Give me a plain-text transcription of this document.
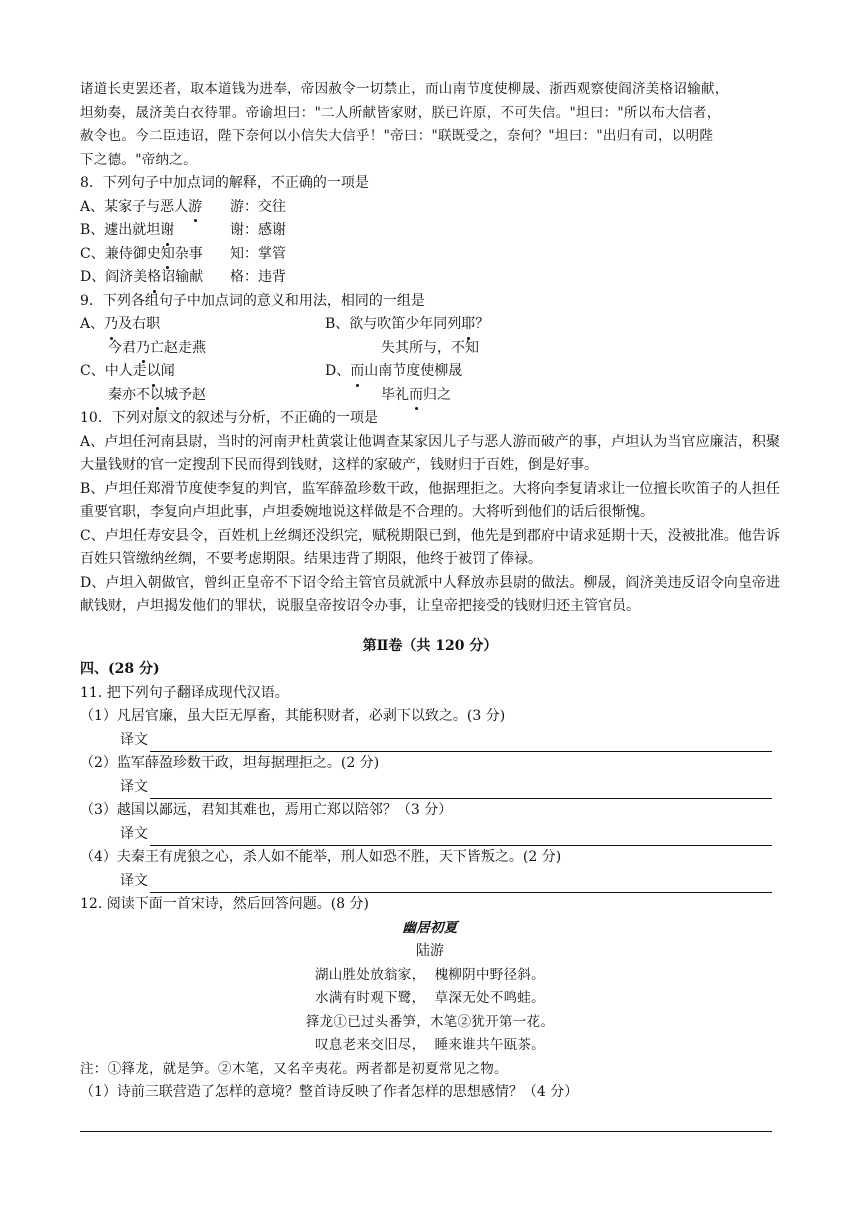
诸道长吏罢还者，取本道钱为进奉，帝因赦令一切禁止，而山南节度使柳晟、浙西观察使阎济美格诏输献，
坦劾奏，晟济美白衣待罪。帝谕坦曰："二人所献皆家财，朕已许原，不可失信。"坦曰："所以布大信者，
赦令也。今二臣违诏，陛下奈何以小信失大信乎！"帝曰："联既受之，奈何？"坦曰："出归有司，以明陛
下之德。"帝纳之。
8．下列句子中加点词的解释，不正确的一项是
A、某家子与恶人游	游：交往
B、遽出就坦谢	谢：感谢
C、兼侍御史知杂事	知：掌管
D、阎济美格诏输献	格：违背
9．下列各组句子中加点词的意义和用法，相同的一组是
A、乃及右职	B、欲与吹笛少年同列耶？
今君乃亡赵走燕	失其所与，不知
C、中人走以闻	D、而山南节度使柳晟
秦亦不以城予赵	毕礼而归之
10．下列对原文的叙述与分析，不正确的一项是
A、卢坦任河南县尉，当时的河南尹杜黄裳让他调查某家因儿子与恶人游而破产的事，卢坦认为当官应廉洁，积聚大量钱财的官一定搜刮下民而得到钱财，这样的家破产，钱财归于百姓，倒是好事。
B、卢坦任郑滑节度使李复的判官，监军薛盈珍数干政，他据理拒之。大将向李复请求让一位擅长吹笛子的人担任重要官职，李复向卢坦此事，卢坦委婉地说这样做是不合理的。大将听到他们的话后很惭愧。
C、卢坦任寿安县令，百姓机上丝绸还没织完，赋税期限已到，他先是到郡府中请求延期十天，没被批准。他告诉百姓只管缴纳丝绸，不要考虑期限。结果违背了期限，他终于被罚了俸禄。
D、卢坦入朝做官，曾纠正皇帝不下诏令给主管官员就派中人释放赤县尉的做法。柳晟，阎济美违反诏令向皇帝进献钱财，卢坦揭发他们的罪状，说服皇帝按诏令办事，让皇帝把接受的钱财归还主管官员。
第Ⅱ卷（共 120 分）
四、(28 分)
11. 把下列句子翻译成现代汉语。
（1）凡居官廉，虽大臣无厚畜，其能积财者，必剥下以致之。(3 分)
译文
（2）监军薛盈珍数干政，坦每据理拒之。(2 分)
译文
（3）越国以鄙远，君知其难也，焉用亡郑以陪邻？（3 分）
译文
（4）夫秦王有虎狼之心，杀人如不能举，刑人如恐不胜，天下皆叛之。(2 分)
译文
12. 阅读下面一首宋诗，然后回答问题。(8 分)
幽居初夏
陆游
湖山胜处放翁家，  槐柳阴中野径斜。
水满有时观下鹭，  草深无处不鸣蛙。
箨龙①已过头番笋，木笔②犹开第一花。
叹息老来交旧尽，  睡来谁共午瓯茶。
注：①箨龙，就是笋。②木笔，又名辛夷花。两者都是初夏常见之物。
（1）诗前三联营造了怎样的意境？整首诗反映了作者怎样的思想感情？（4 分）
